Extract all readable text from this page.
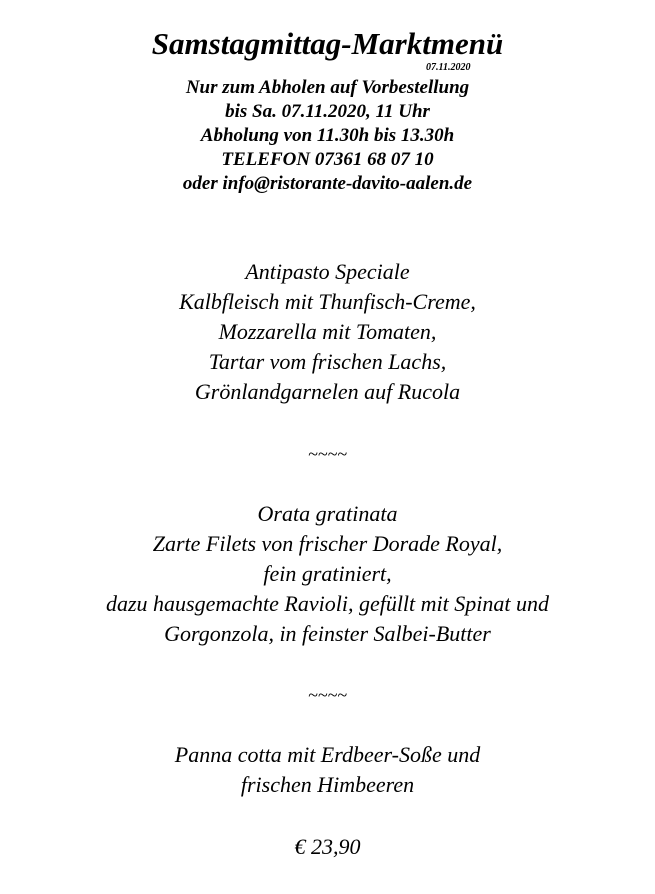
Samstagmittag-Marktmenü
07.11.2020
Nur zum Abholen auf Vorbestellung
bis Sa. 07.11.2020, 11 Uhr
Abholung von 11.30h bis 13.30h
TELEFON 07361 68 07 10
oder info@ristorante-davito-aalen.de
Antipasto Speciale
Kalbfleisch mit Thunfisch-Creme,
Mozzarella mit Tomaten,
Tartar vom frischen Lachs,
Grönlandgarnelen auf Rucola
~~~~
Orata gratinata
Zarte Filets von frischer Dorade Royal,
fein gratiniert,
dazu hausgemachte Ravioli, gefüllt mit Spinat und
Gorgonzola, in feinster Salbei-Butter
~~~~
Panna cotta mit Erdbeer-Soße und
frischen Himbeeren
€ 23,90
